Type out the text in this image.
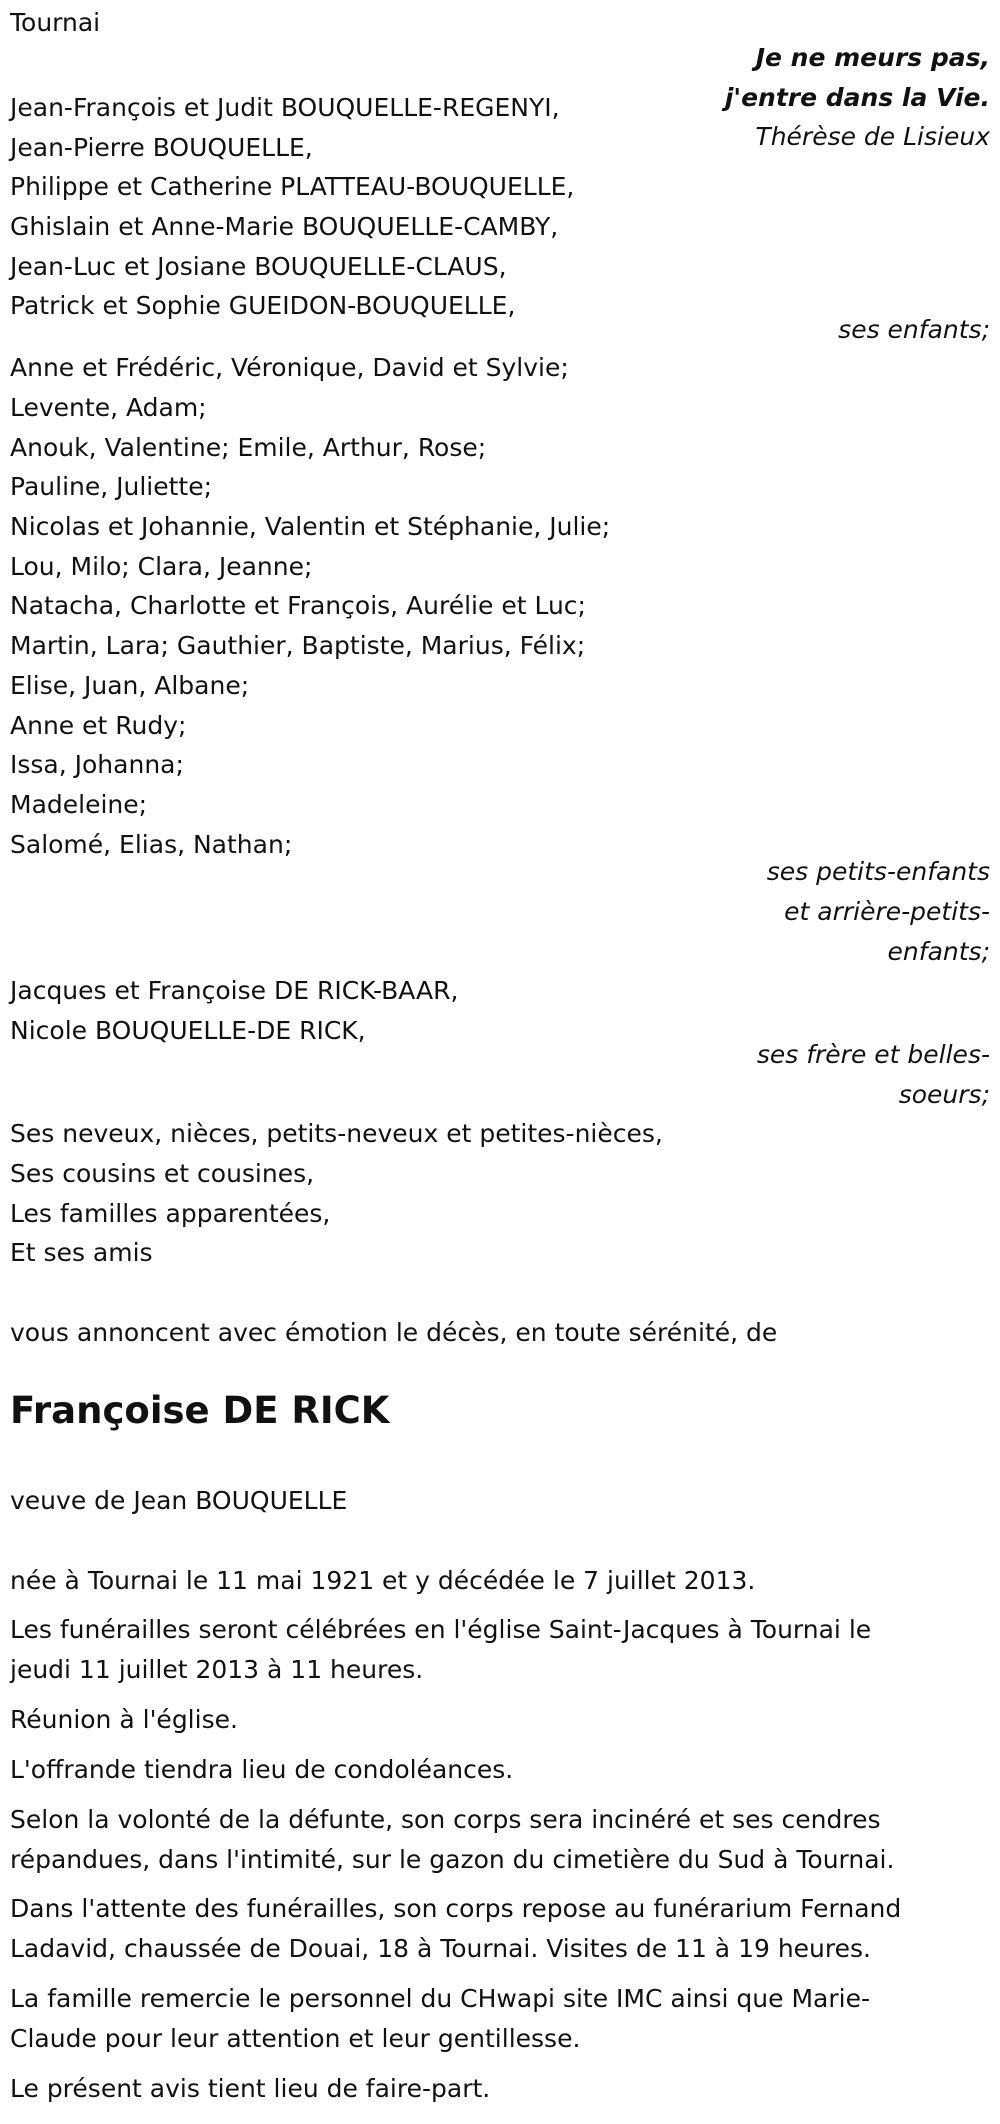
Tournai
Je ne meurs pas,
j'entre dans la Vie.
Thérèse de Lisieux
Jean-François et Judit BOUQUELLE-REGENYI,
Jean-Pierre BOUQUELLE,
Philippe et Catherine PLATTEAU-BOUQUELLE,
Ghislain et Anne-Marie BOUQUELLE-CAMBY,
Jean-Luc et Josiane BOUQUELLE-CLAUS,
Patrick et Sophie GUEIDON-BOUQUELLE,
ses enfants;
Anne et Frédéric, Véronique, David et Sylvie;
Levente, Adam;
Anouk, Valentine; Emile, Arthur, Rose;
Pauline, Juliette;
Nicolas et Johannie, Valentin et Stéphanie, Julie;
Lou, Milo; Clara, Jeanne;
Natacha, Charlotte et François, Aurélie et Luc;
Martin, Lara; Gauthier, Baptiste, Marius, Félix;
Elise, Juan, Albane;
Anne et Rudy;
Issa, Johanna;
Madeleine;
Salomé, Elias, Nathan;
ses petits-enfants
et arrière-petits-
enfants;
Jacques et Françoise DE RICK-BAAR,
Nicole BOUQUELLE-DE RICK,
ses frère et belles-
soeurs;
Ses neveux, nièces, petits-neveux et petites-nièces,
Ses cousins et cousines,
Les familles apparentées,
Et ses amis
vous annoncent avec émotion le décès, en toute sérénité, de
Françoise DE RICK
veuve de Jean BOUQUELLE
née à Tournai le 11 mai 1921 et y décédée le 7 juillet 2013.
Les funérailles seront célébrées en l'église Saint-Jacques à Tournai le
jeudi 11 juillet 2013 à 11 heures.
Réunion à l'église.
L'offrande tiendra lieu de condoléances.
Selon la volonté de la défunte, son corps sera inciné​ré et ses cendres
répandues, dans l'intimité, sur le gazon du cimetière du Sud à Tournai.
Dans l'attente des funérailles, son corps repose au funérarium Fernand
Ladavid, chaussée de Douai, 18 à Tournai. Visites de 11 à 19 heures.
La famille remercie le personnel du CHwapi site IMC ainsi que Marie-
Claude pour leur attention et leur gentillesse.
Le présent avis tient lieu de faire-part.
